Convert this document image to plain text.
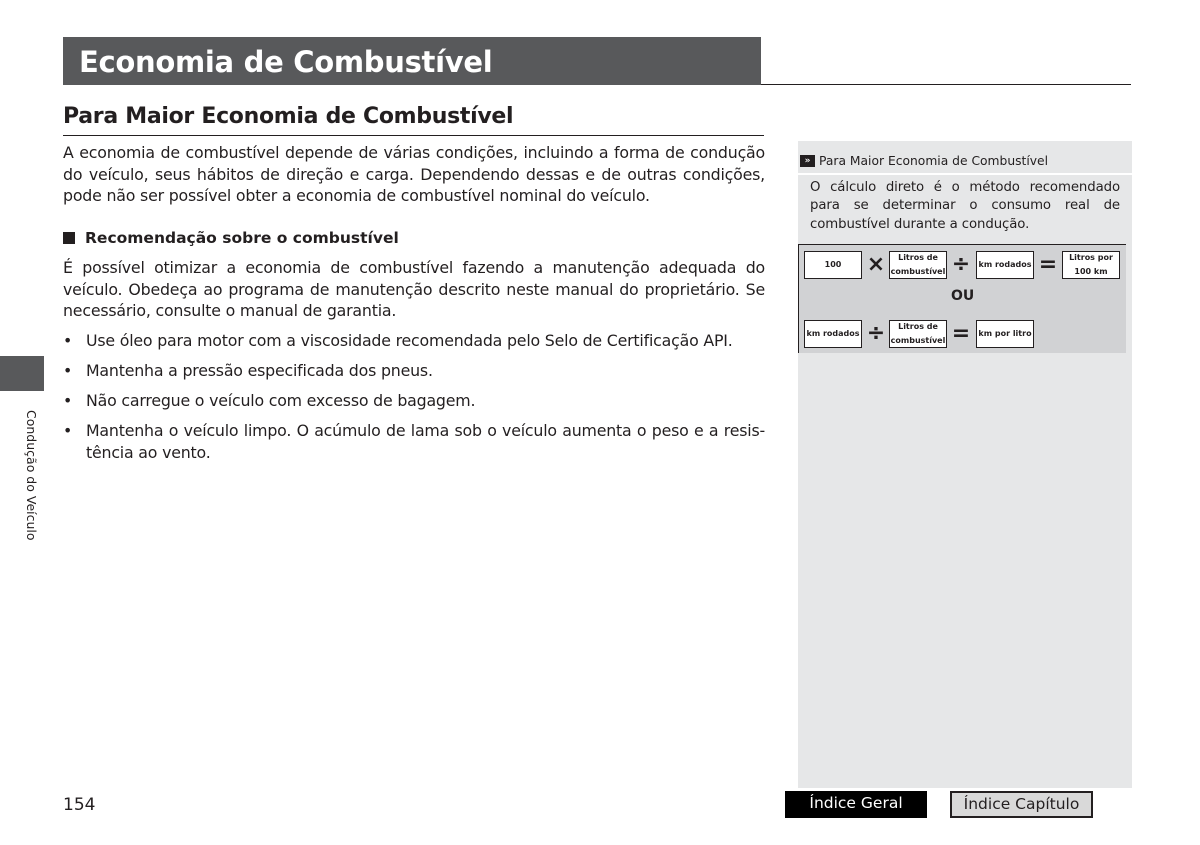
Economia de Combustível
Para Maior Economia de Combustível
A economia de combustível depende de várias condições, incluindo a forma de condução do veículo, seus hábitos de direção e carga. Dependendo dessas e de outras condições, pode não ser possível obter a economia de combustível nominal do veículo.
Recomendação sobre o combustível
É possível otimizar a economia de combustível fazendo a manutenção adequada do veículo. Obedeça ao programa de manutenção descrito neste manual do proprietário. Se necessário, consulte o manual de garantia.
• Use óleo para motor com a viscosidade recomendada pelo Selo de Certificação API.
• Mantenha a pressão especificada dos pneus.
• Não carregue o veículo com excesso de bagagem.
• Mantenha o veículo limpo. O acúmulo de lama sob o veículo aumenta o peso e a resis-tência ao vento.
Condução do Veículo
» Para Maior Economia de Combustível
O cálculo direto é o método recomendado para se determinar o consumo real de combustível durante a condução.
100	×	Litros de combustível ÷	km rodados =	Litros por 100 km
OU
km rodados ÷	Litros de combustível =	km por litro
154	Índice Geral	Índice Capítulo
